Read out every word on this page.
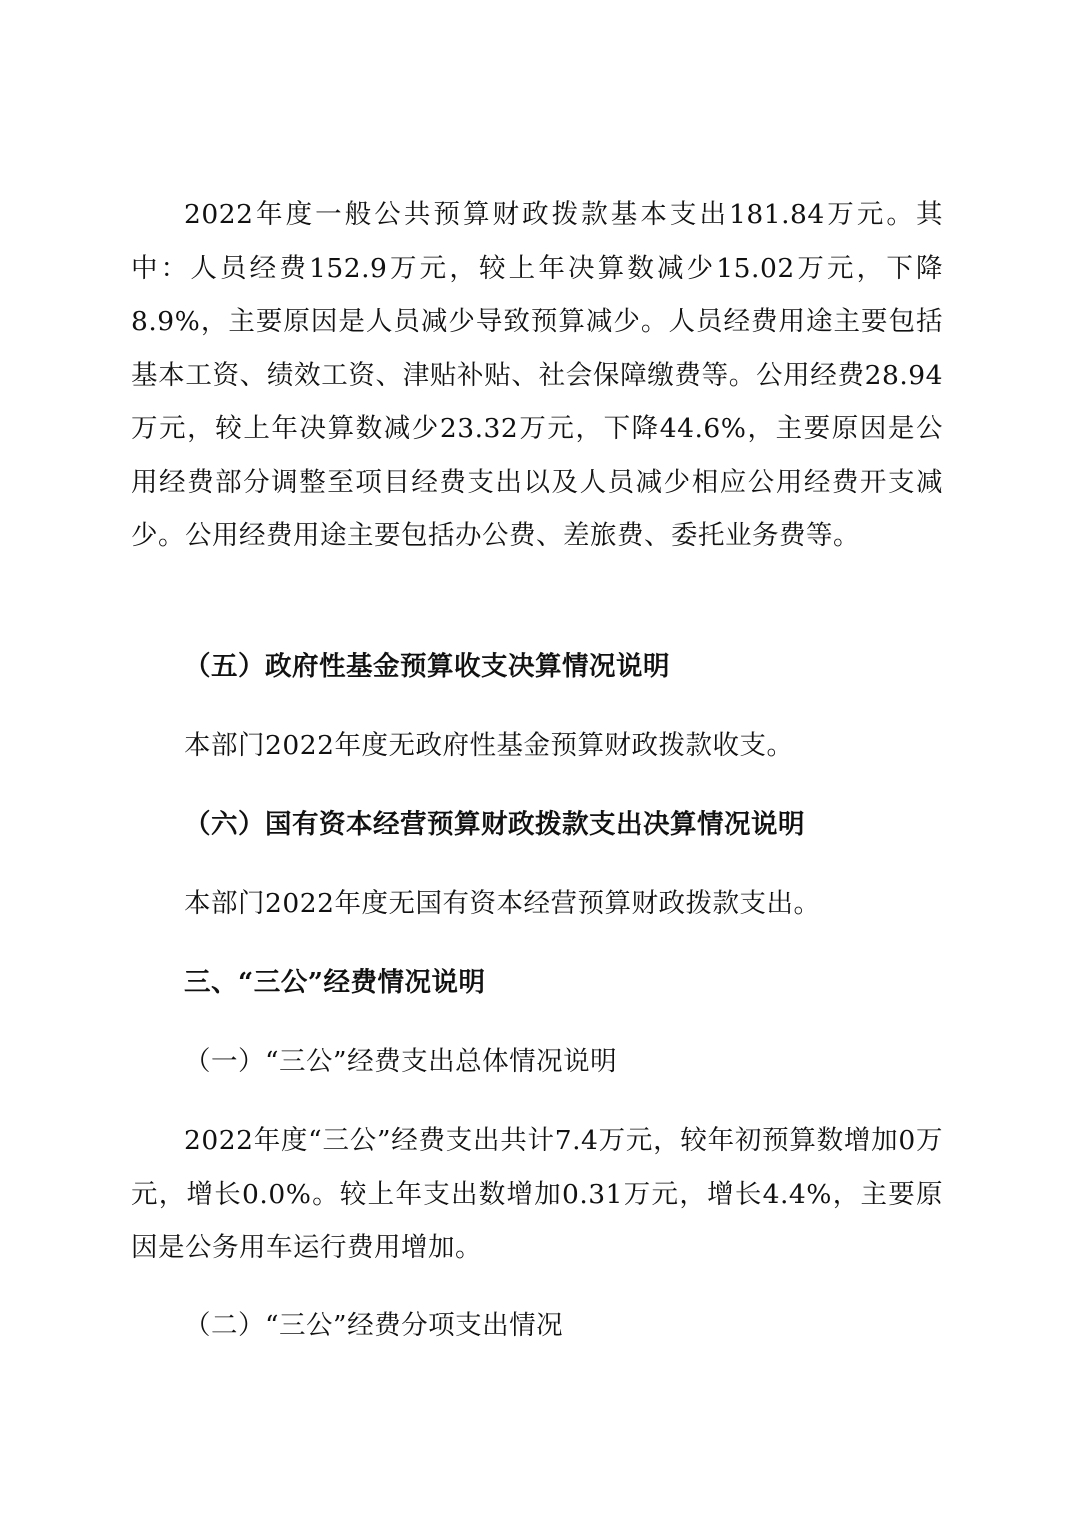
2022年度一般公共预算财政拨款基本支出181.84万元。其中：人员经费152.9万元，较上年决算数减少15.02万元，下降8.9%，主要原因是人员减少导致预算减少。人员经费用途主要包括基本工资、绩效工资、津贴补贴、社会保障缴费等。公用经费28.94万元，较上年决算数减少23.32万元，下降44.6%，主要原因是公用经费部分调整至项目经费支出以及人员减少相应公用经费开支减少。公用经费用途主要包括办公费、差旅费、委托业务费等。

（五）政府性基金预算收支决算情况说明

本部门2022年度无政府性基金预算财政拨款收支。

（六）国有资本经营预算财政拨款支出决算情况说明

本部门2022年度无国有资本经营预算财政拨款支出。

三、“三公”经费情况说明

（一）“三公”经费支出总体情况说明

2022年度“三公”经费支出共计7.4万元，较年初预算数增加0万元，增长0.0%。较上年支出数增加0.31万元，增长4.4%，主要原因是公务用车运行费用增加。

（二）“三公”经费分项支出情况
